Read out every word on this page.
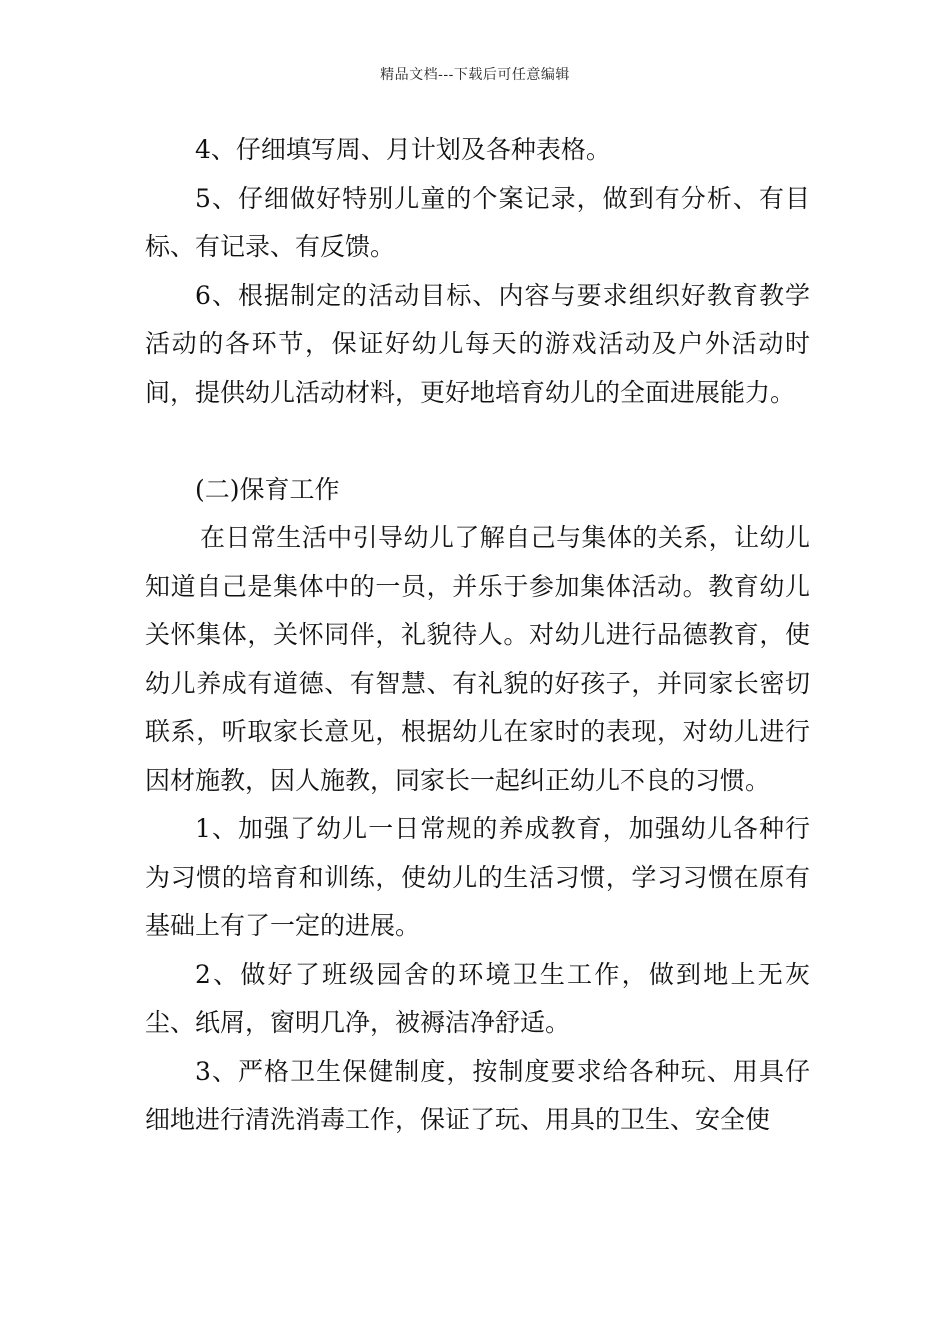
精品文档---下载后可任意编辑

4、仔细填写周、月计划及各种表格。

5、仔细做好特别儿童的个案记录，做到有分析、有目标、有记录、有反馈。

6、根据制定的活动目标、内容与要求组织好教育教学活动的各环节，保证好幼儿每天的游戏活动及户外活动时间，提供幼儿活动材料，更好地培育幼儿的全面进展能力。

(二)保育工作

在日常生活中引导幼儿了解自己与集体的关系，让幼儿知道自己是集体中的一员，并乐于参加集体活动。教育幼儿关怀集体，关怀同伴，礼貌待人。对幼儿进行品德教育，使幼儿养成有道德、有智慧、有礼貌的好孩子，并同家长密切联系，听取家长意见，根据幼儿在家时的表现，对幼儿进行因材施教，因人施教，同家长一起纠正幼儿不良的习惯。

1、加强了幼儿一日常规的养成教育，加强幼儿各种行为习惯的培育和训练，使幼儿的生活习惯，学习习惯在原有基础上有了一定的进展。

2、做好了班级园舍的环境卫生工作，做到地上无灰尘、纸屑，窗明几净，被褥洁净舒适。

3、严格卫生保健制度，按制度要求给各种玩、用具仔细地进行清洗消毒工作，保证了玩、用具的卫生、安全使
